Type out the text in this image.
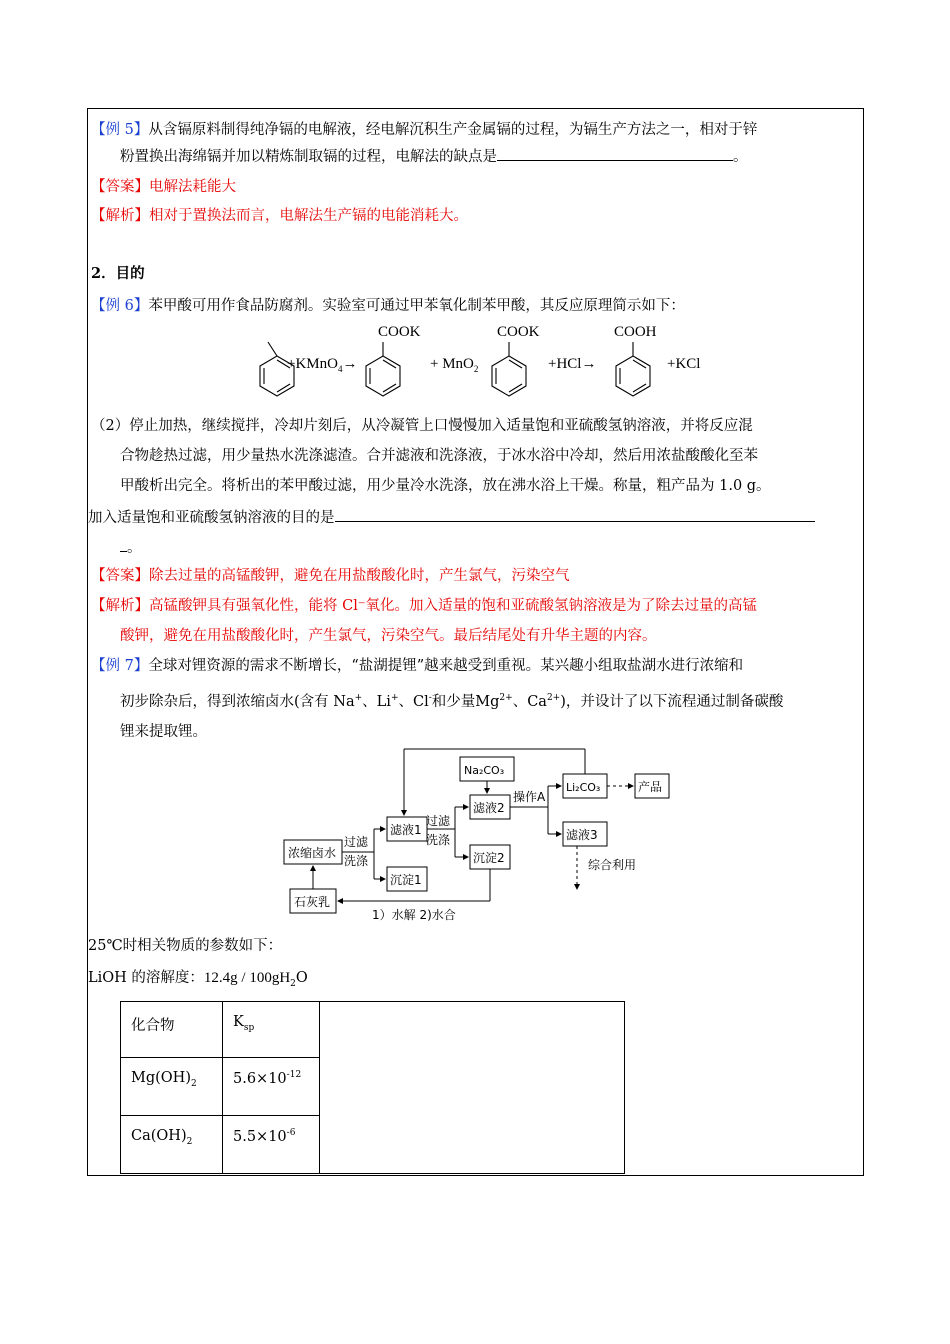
【例 5】从含镉原料制得纯净镉的电解液，经电解沉积生产金属镉的过程，为镉生产方法之一，相对于锌
粉置换出海绵镉并加以精炼制取镉的过程，电解法的缺点是	。
【答案】电解法耗能大
【解析】相对于置换法而言，电解法生产镉的电能消耗大。
2．目的
【例 6】苯甲酸可用作食品防腐剂。实验室可通过甲苯氧化制苯甲酸，其反应原理简示如下：
COOK	COOK	COOH
+KMnO$_4$→	+ MnO$_2$	+HCl→	+KCl
（2）停止加热，继续搅拌，冷却片刻后，从冷凝管上口慢慢加入适量饱和亚硫酸氢钠溶液，并将反应混
合物趁热过滤，用少量热水洗涤滤渣。合并滤液和洗涤液，于冰水浴中冷却，然后用浓盐酸酸化至苯
甲酸析出完全。将析出的苯甲酸过滤，用少量冷水洗涤，放在沸水浴上干燥。称量，粗产品为 1.0 g。
加入适量饱和亚硫酸氢钠溶液的目的是
。
【答案】除去过量的高锰酸钾，避免在用盐酸酸化时，产生氯气，污染空气
【解析】高锰酸钾具有强氧化性，能将 Cl⁻氧化。加入适量的饱和亚硫酸氢钠溶液是为了除去过量的高锰
酸钾，避免在用盐酸酸化时，产生氯气，污染空气。最后结尾处有升华主题的内容。
【例 7】全球对锂资源的需求不断增长，“盐湖提锂”越来越受到重视。某兴趣小组取盐湖水进行浓缩和
初步除杂后，得到浓缩卤水(含有 Na+、Li+、Cl-和少量$Mg^{2+}$、$Ca^{2+}$)，并设计了以下流程通过制备碳酸
锂来提取锂。
浓缩卤水
石灰乳
滤液1
沉淀1
滤液2
沉淀2
Na₂CO₃
Li₂CO₃	产品
滤液3
操作A
过滤
洗涤
过滤
洗涤
综合利用
1）水解 2)水合
25℃时相关物质的参数如下：
LiOH 的溶解度：$12.4g / 100gH_2O$
化合物	$K_{sp}$	
$Mg(OH)_2$	$5.6\times 10^{-12}$
$Ca(OH)_2$	$5.5\times 10^{-6}$
